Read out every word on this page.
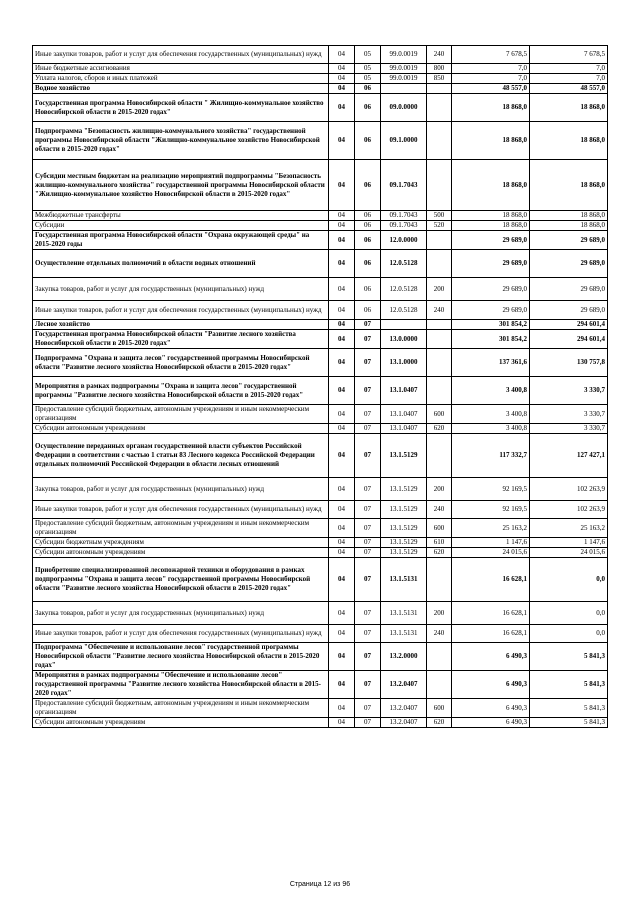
Иные закупки товаров, работ и услуг для обеспечения государственных (муниципальных) нужд	04	05	99.0.0019	240	7 678,5	7 678,5
Иные бюджетные ассигнования	04	05	99.0.0019	800	7,0	7,0
Уплата налогов, сборов и иных платежей	04	05	99.0.0019	850	7,0	7,0
Водное хозяйство	04	06			48 557,0	48 557,0
Государственная программа Новосибирской области " Жилищно-коммунальное хозяйство Новосибирской области в 2015-2020 годах"	04	06	09.0.0000		18 868,0	18 868,0
Подпрограмма "Безопасность жилищно-коммунального хозяйства" государственной программы Новосибирской области "Жилищно-коммунальное хозяйство Новосибирской области в 2015-2020 годах"	04	06	09.1.0000		18 868,0	18 868,0
Субсидии местным бюджетам на реализацию мероприятий подпрограммы "Безопасность жилищно-коммунального хозяйства" государственной программы Новосибирской области "Жилищно-коммунальное хозяйство Новосибирской области в 2015-2020 годах"	04	06	09.1.7043		18 868,0	18 868,0
Межбюджетные трансферты	04	06	09.1.7043	500	18 868,0	18 868,0
Субсидии	04	06	09.1.7043	520	18 868,0	18 868,0
Государственная программа Новосибирской области "Охрана окружающей среды" на 2015-2020 годы	04	06	12.0.0000		29 689,0	29 689,0
Осуществление отдельных полномочий в области водных отношений	04	06	12.0.5128		29 689,0	29 689,0
Закупка товаров, работ и услуг для государственных (муниципальных) нужд	04	06	12.0.5128	200	29 689,0	29 689,0
Иные закупки товаров, работ и услуг для обеспечения государственных (муниципальных) нужд	04	06	12.0.5128	240	29 689,0	29 689,0
Лесное хозяйство	04	07			301 854,2	294 601,4
Государственная программа Новосибирской области "Развитие лесного хозяйства Новосибирской области в 2015-2020 годах"	04	07	13.0.0000		301 854,2	294 601,4
Подпрограмма "Охрана и защита лесов" государственной программы Новосибирской области "Развитие лесного хозяйства Новосибирской области в 2015-2020 годах"	04	07	13.1.0000		137 361,6	130 757,8
Мероприятия в рамках подпрограммы "Охрана и защита лесов" государственной программы "Развитие лесного хозяйства Новосибирской области в 2015-2020 годах"	04	07	13.1.0407		3 400,8	3 330,7
Предоставление субсидий бюджетным, автономным учреждениям и иным некоммерческим организациям	04	07	13.1.0407	600	3 400,8	3 330,7
Субсидии автономным учреждениям	04	07	13.1.0407	620	3 400,8	3 330,7
Осуществление переданных органам государственной власти субъектов Российской Федерации в соответствии с частью 1 статьи 83 Лесного кодекса Российской Федерации отдельных полномочий Российской Федерации в области лесных отношений	04	07	13.1.5129		117 332,7	127 427,1
Закупка товаров, работ и услуг для государственных (муниципальных) нужд	04	07	13.1.5129	200	92 169,5	102 263,9
Иные закупки товаров, работ и услуг для обеспечения государственных (муниципальных) нужд	04	07	13.1.5129	240	92 169,5	102 263,9
Предоставление субсидий бюджетным, автономным учреждениям и иным некоммерческим организациям	04	07	13.1.5129	600	25 163,2	25 163,2
Субсидии бюджетным учреждениям	04	07	13.1.5129	610	1 147,6	1 147,6
Субсидии автономным учреждениям	04	07	13.1.5129	620	24 015,6	24 015,6
Приобретение специализированной лесопожарной техники и оборудования в рамках подпрограммы "Охрана и защита лесов" государственной программы Новосибирской области "Развитие лесного хозяйства Новосибирской области в 2015-2020 годах"	04	07	13.1.5131		16 628,1	0,0
Закупка товаров, работ и услуг для государственных (муниципальных) нужд	04	07	13.1.5131	200	16 628,1	0,0
Иные закупки товаров, работ и услуг для обеспечения государственных (муниципальных) нужд	04	07	13.1.5131	240	16 628,1	0,0
Подпрограмма "Обеспечение и использование лесов" государственной программы Новосибирской области "Развитие лесного хозяйства Новосибирской области в 2015-2020 годах"	04	07	13.2.0000		6 490,3	5 841,3
Мероприятия в рамках подпрограммы "Обеспечение и использование лесов" государственной программы "Развитие лесного хозяйства Новосибирской области в 2015-2020 годах"	04	07	13.2.0407		6 490,3	5 841,3
Предоставление субсидий бюджетным, автономным учреждениям и иным некоммерческим организациям	04	07	13.2.0407	600	6 490,3	5 841,3
Субсидии автономным учреждениям	04	07	13.2.0407	620	6 490,3	5 841,3
Страница 12 из 96
